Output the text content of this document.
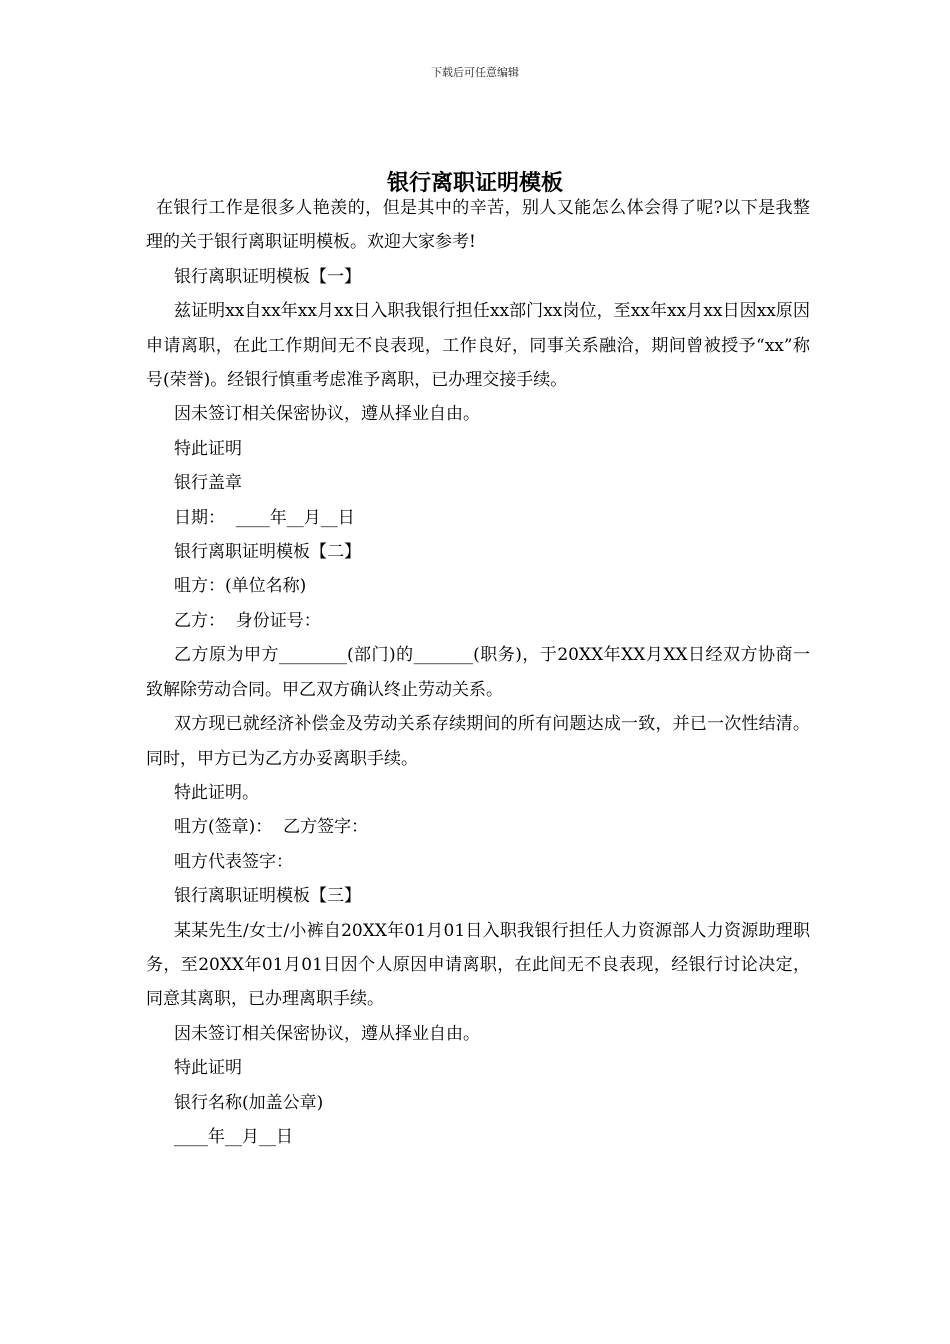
下载后可任意编辑
银行离职证明模板

在银行工作是很多人艳羡的，但是其中的辛苦，别人又能怎么体会得了呢?以下是我整理的关于银行离职证明模板。欢迎大家参考!

银行离职证明模板【一】

兹证明xx自xx年xx月xx日入职我银行担任xx部门xx岗位，至xx年xx月xx日因xx原因申请离职，在此工作期间无不良表现，工作良好，同事关系融洽，期间曾被授予“xx”称号(荣誉)。经银行慎重考虑准予离职，已办理交接手续。

因未签订相关保密协议，遵从择业自由。

特此证明

银行盖章

日期：  ____年__月__日

银行离职证明模板【二】

咀方：(单位名称)

乙方：  身份证号：

乙方原为甲方________(部门)的_______(职务)，于20XX年XX月XX日经双方协商一致解除劳动合同。甲乙双方确认终止劳动关系。

双方现已就经济补偿金及劳动关系存续期间的所有问题达成一致，并已一次性结清。同时，甲方已为乙方办妥离职手续。

特此证明。

咀方(签章)：  乙方签字：

咀方代表签字：

银行离职证明模板【三】

某某先生/女士/小裤自20XX年01月01日入职我银行担任人力资源部人力资源助理职务，至20XX年01月01日因个人原因申请离职，在此间无不良表现，经银行讨论决定，同意其离职，已办理离职手续。

因未签订相关保密协议，遵从择业自由。

特此证明

银行名称(加盖公章)

____年__月__日
